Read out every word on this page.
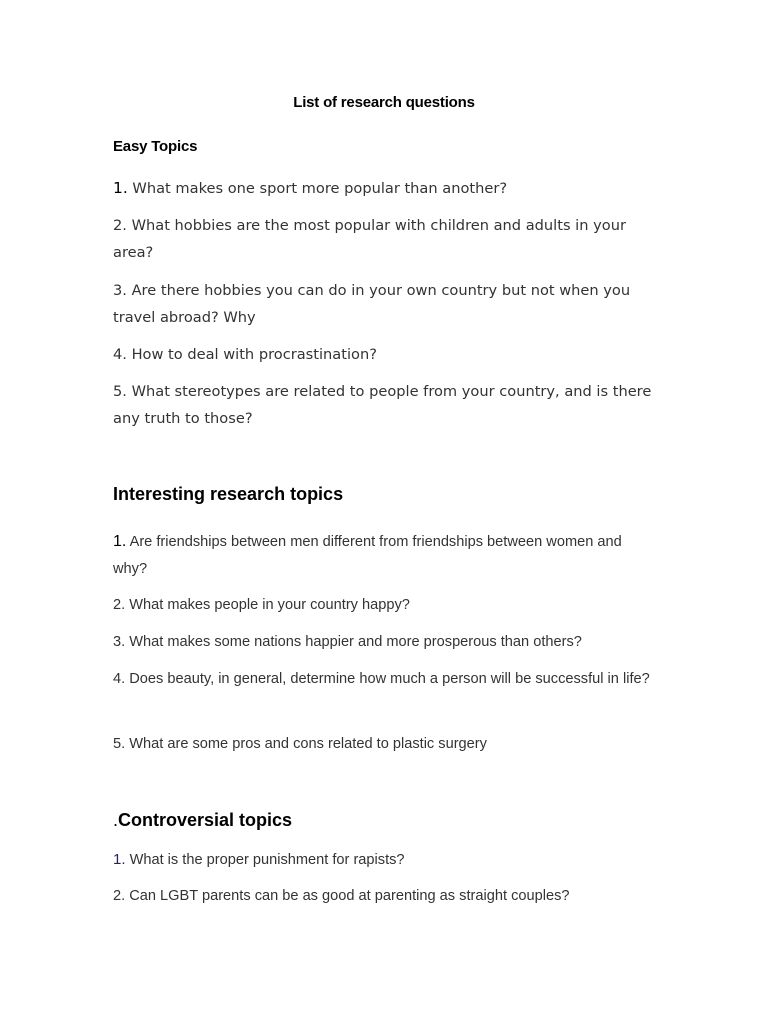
List of research questions
Easy Topics
1. What makes one sport more popular than another?
2. What hobbies are the most popular with children and adults in your area?
3. Are there hobbies you can do in your own country but not when you travel abroad? Why
4. How to deal with procrastination?
5. What stereotypes are related to people from your country, and is there any truth to those?
Interesting research topics
1. Are friendships between men different from friendships between women and why?
2. What makes people in your country happy?
3. What makes some nations happier and more prosperous than others?
4. Does beauty, in general, determine how much a person will be successful in life?
5. What are some pros and cons related to plastic surgery
.Controversial topics
1. What is the proper punishment for rapists?
2. Can LGBT parents can be as good at parenting as straight couples?
